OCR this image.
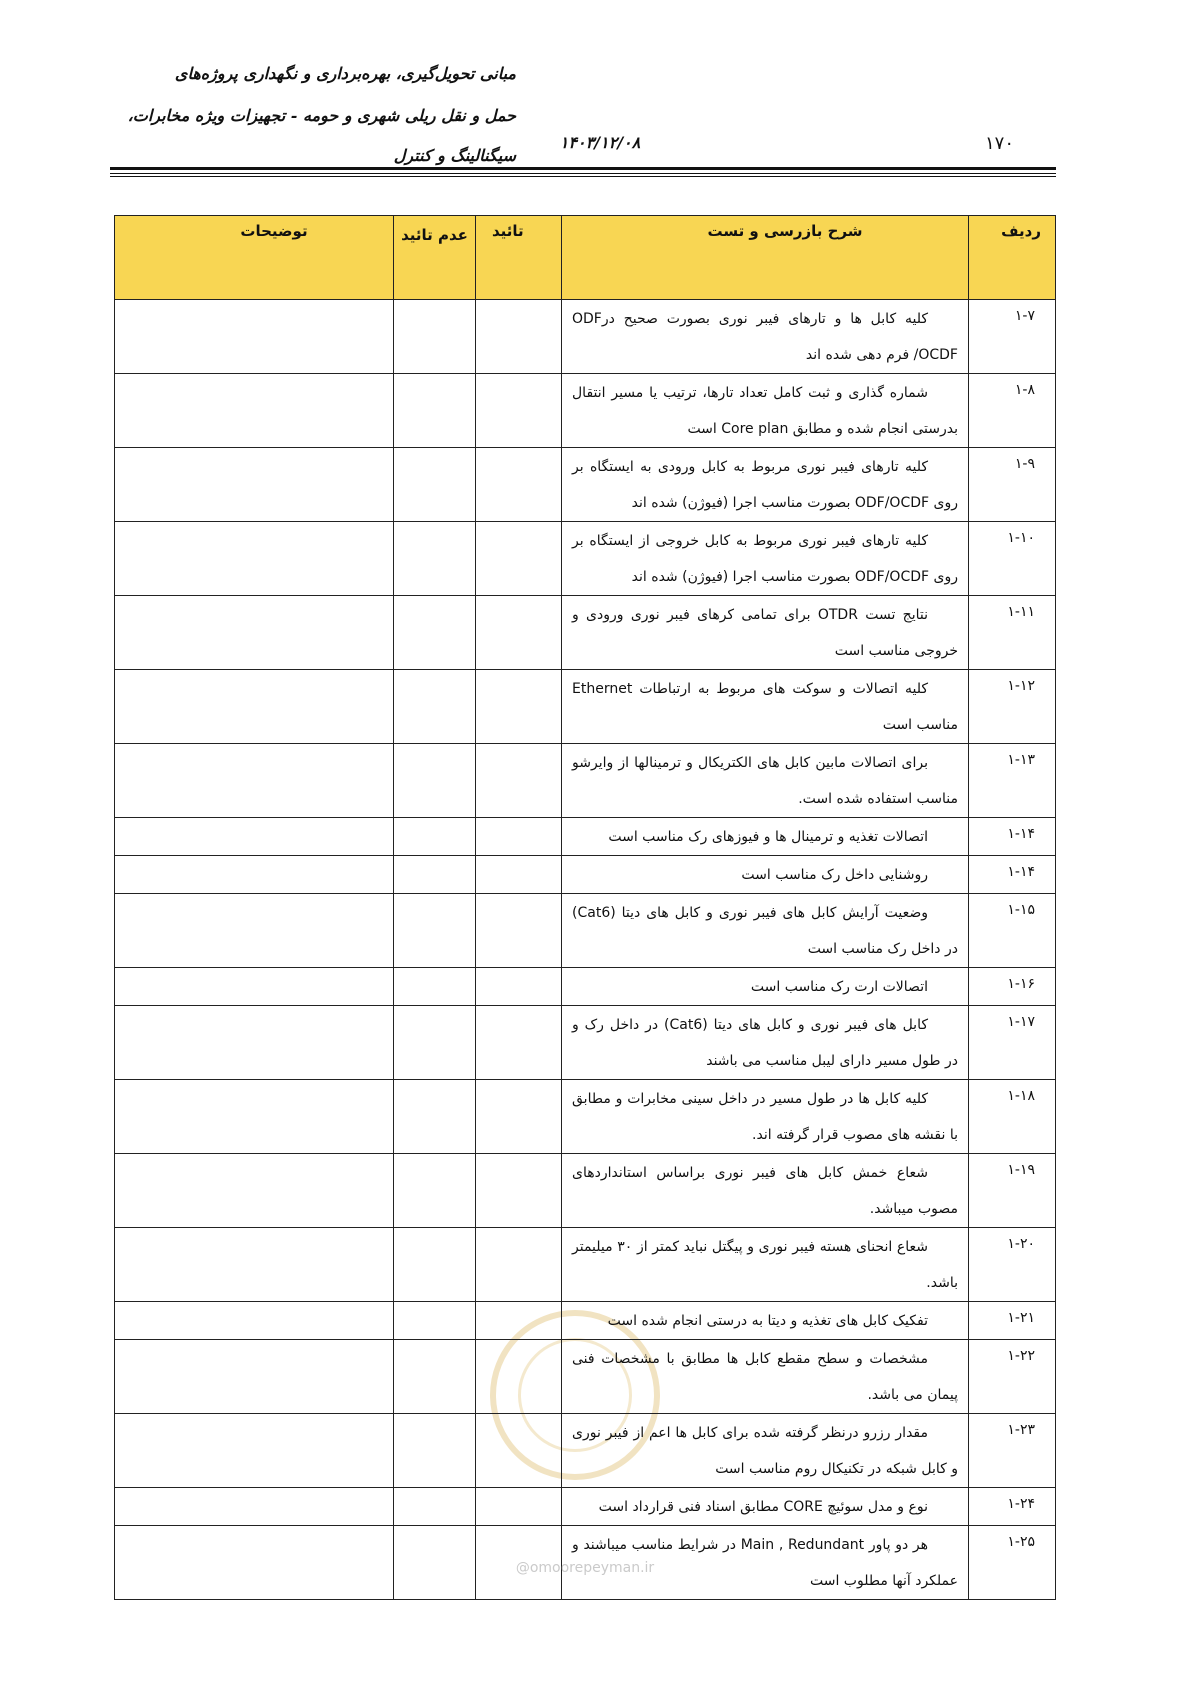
مبانی تحویل‌گیری، بهره‌برداری و نگهداری پروژه‌های
حمل و نقل ریلی شهری و حومه - تجهیزات ویژه مخابرات،
سیگنالینگ و کنترل
۱۴۰۳/۱۲/۰۸	۱۷۰
ردیف	شرح بازرسی و تست	تائید	عدم تائید	توضیحات
۱-۷	کلیه کابل ها و تارهای فیبر نوری بصورت صحیح درODF /OCDF فرم دهی شده اند			
۱-۸	شماره گذاری و ثبت کامل تعداد تارها، ترتیب یا مسیر انتقال بدرستی انجام شده و مطابق Core plan است			
۱-۹	کلیه تارهای فیبر نوری مربوط به کابل ورودی به ایستگاه بر روی ODF/OCDF بصورت مناسب اجرا (فیوژن) شده اند			
۱-۱۰	کلیه تارهای فیبر نوری مربوط به کابل خروجی از ایستگاه بر روی ODF/OCDF بصورت مناسب اجرا (فیوژن) شده اند			
۱-۱۱	نتایج تست OTDR برای تمامی کرهای فیبر نوری ورودی و خروجی مناسب است			
۱-۱۲	کلیه اتصالات و سوکت های مربوط به ارتباطات Ethernet مناسب است			
۱-۱۳	برای اتصالات مابین کابل های الکتریکال و ترمینالها از وایرشو مناسب استفاده شده است.			
۱-۱۴	اتصالات تغذیه و ترمینال ها و فیوزهای رک مناسب است			
۱-۱۴	روشنایی داخل رک مناسب است			
۱-۱۵	وضعیت آرایش کابل های فیبر نوری و کابل های دیتا (Cat6) در داخل رک مناسب است			
۱-۱۶	اتصالات ارت رک مناسب است			
۱-۱۷	کابل های فیبر نوری و کابل های دیتا (Cat6) در داخل رک و در طول مسیر دارای لیبل مناسب می باشند			
۱-۱۸	کلیه کابل ها در طول مسیر در داخل سینی مخابرات و مطابق با نقشه های مصوب قرار گرفته اند.			
۱-۱۹	شعاع خمش کابل های فیبر نوری براساس استانداردهای مصوب میباشد.			
۱-۲۰	شعاع انحنای هسته فیبر نوری و پیگتل نباید کمتر از ۳۰ میلیمتر باشد.			
۱-۲۱	تفکیک کابل های تغذیه و دیتا به درستی انجام شده است			
۱-۲۲	مشخصات و سطح مقطع کابل ها مطابق با مشخصات فنی پیمان می باشد.			
۱-۲۳	مقدار رزرو درنظر گرفته شده برای کابل ها اعم از فیبر نوری و کابل شبکه در تکنیکال روم مناسب است			
۱-۲۴	نوع و مدل سوئیچ CORE مطابق اسناد فنی قرارداد است			
۱-۲۵	هر دو پاور Main , Redundant در شرایط مناسب میباشند و عملکرد آنها مطلوب است			
@omoorepeyman.ir
